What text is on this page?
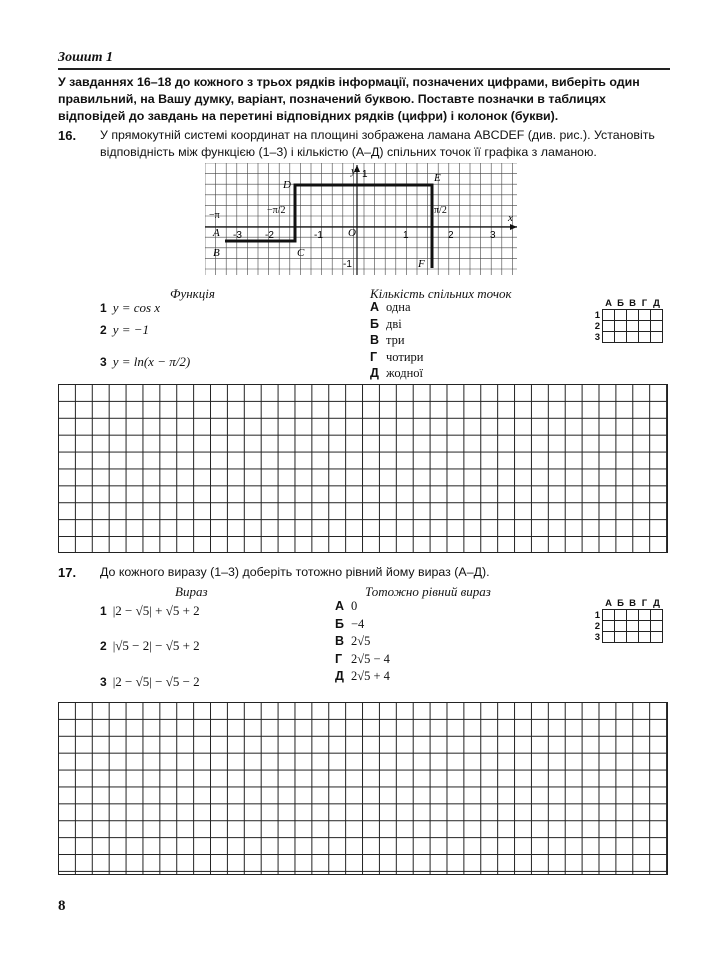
Зошит 1
У завданнях 16–18 до кожного з трьох рядків інформації, позначених цифрами, виберіть один правильний, на Вашу думку, варіант, позначений буквою. Поставте позначки в таблицях відповідей до завдань на перетині відповідних рядків (цифри) і колонок (букви).
16. У прямокутній системі координат на площині зображена ламана ABCDEF (див. рис.). Установіть відповідність між функцією (1–3) і кількістю (А–Д) спільних точок її графіка з ламаною.
D
E
A
B	C
F
y
x
O
-3 -2	-1	1	2	3
1
-1
−π	−π/2	π/2
Функція	Кількість спільних точок
1 y = cos x
2 y = −1
3 y = ln(x − π/2)
А одна
Б дві
В три
Г чотири
Д жодної
	А	Б	В	Г	Д
1					
2					
3					
17. До кожного виразу (1–3) доберіть тотожно рівний йому вираз (А–Д).
Вираз	Тотожно рівний вираз
1 |2 − √5| + √5 + 2
2 |√5 − 2| − √5 + 2
3 |2 − √5| − √5 − 2
А 0
Б −4
В 2√5
Г 2√5 − 4
Д 2√5 + 4
	А	Б	В	Г	Д
1					
2					
3					
8
